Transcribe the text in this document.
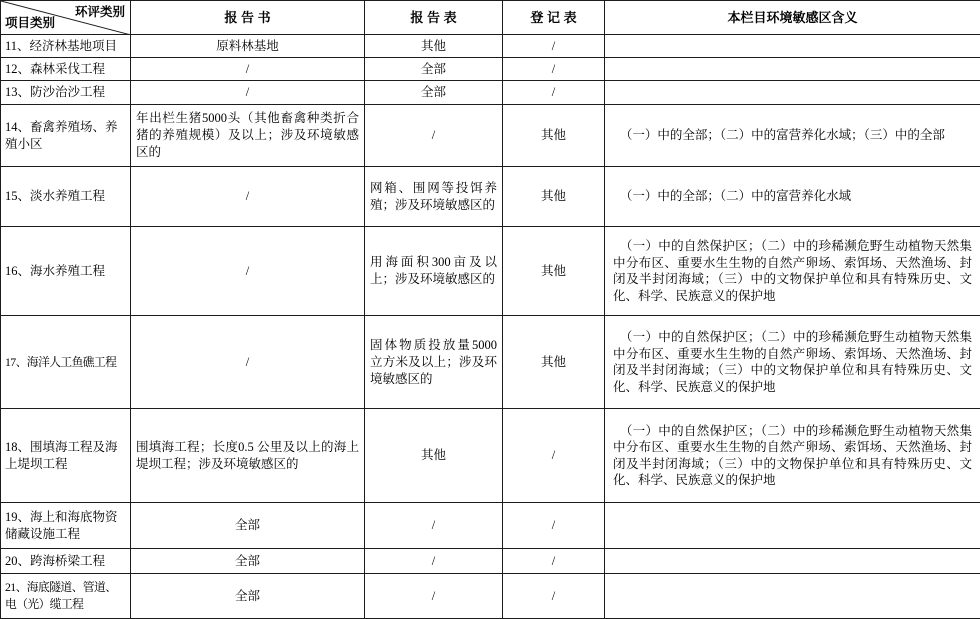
环评类别
项目类别	报 告 书	报 告 表	登 记 表	本栏目环境敏感区含义
11、经济林基地项目	原料林基地	其他	/	
12、森林采伐工程	/	全部	/	
13、防沙治沙工程	/	全部	/	
14、畜禽养殖场、养殖小区	年出栏生猪5000头（其他畜禽种类折合猪的养殖规模）及以上；涉及环境敏感区的	/	其他	（一）中的全部；（二）中的富营养化水域；（三）中的全部
15、淡水养殖工程	/	网箱、围网等投饵养殖；涉及环境敏感区的	其他	（一）中的全部；（二）中的富营养化水域
16、海水养殖工程	/	用海面积300亩及以上；涉及环境敏感区的	其他	（一）中的自然保护区；（二）中的珍稀濒危野生动植物天然集中分布区、重要水生生物的自然产卵场、索饵场、天然渔场、封闭及半封闭海域；（三）中的文物保护单位和具有特殊历史、文化、科学、民族意义的保护地
17、海洋人工鱼礁工程	/	固体物质投放量5000 立方米及以上；涉及环境敏感区的	其他	（一）中的自然保护区；（二）中的珍稀濒危野生动植物天然集中分布区、重要水生生物的自然产卵场、索饵场、天然渔场、封闭及半封闭海域；（三）中的文物保护单位和具有特殊历史、文化、科学、民族意义的保护地
18、围填海工程及海上堤坝工程	围填海工程；长度0.5 公里及以上的海上堤坝工程；涉及环境敏感区的	其他	/	（一）中的自然保护区；（二）中的珍稀濒危野生动植物天然集中分布区、重要水生生物的自然产卵场、索饵场、天然渔场、封闭及半封闭海域；（三）中的文物保护单位和具有特殊历史、文化、科学、民族意义的保护地
19、海上和海底物资储藏设施工程	全部	/	/	
20、跨海桥梁工程	全部	/	/	
21、海底隧道、管道、电（光）缆工程	全部	/	/	
